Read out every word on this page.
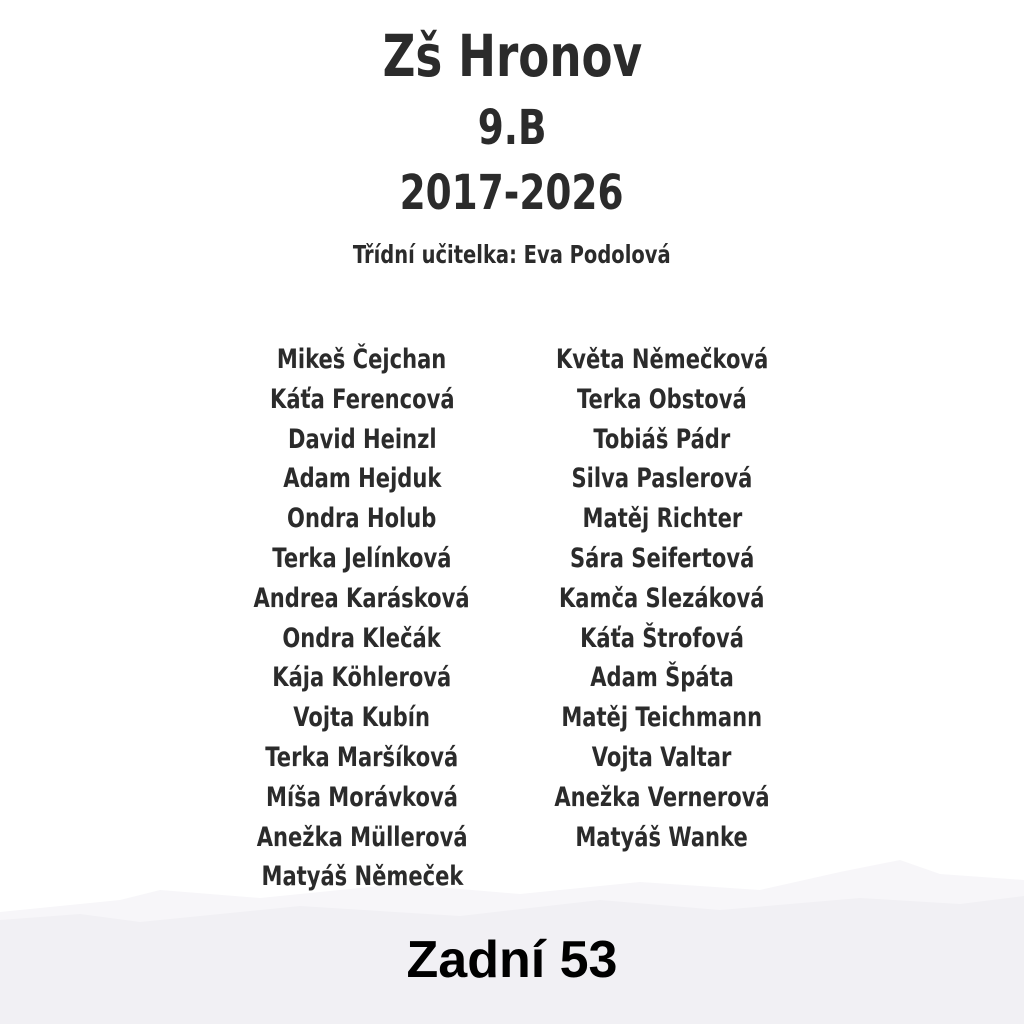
Zš Hronov
9.B
2017-2026
Třídní učitelka: Eva Podolová
Mikeš Čejchan
Káťa Ferencová
David Heinzl
Adam Hejduk
Ondra Holub
Terka Jelínková
Andrea Karásková
Ondra Klečák
Kája Köhlerová
Vojta Kubín
Terka Maršíková
Míša Morávková
Anežka Müllerová
Matyáš Němeček
Květa Němečková
Terka Obstová
Tobiáš Pádr
Silva Paslerová
Matěj Richter
Sára Seifertová
Kamča Slezáková
Káťa Štrofová
Adam Špáta
Matěj Teichmann
Vojta Valtar
Anežka Vernerová
Matyáš Wanke
Zadní 53
